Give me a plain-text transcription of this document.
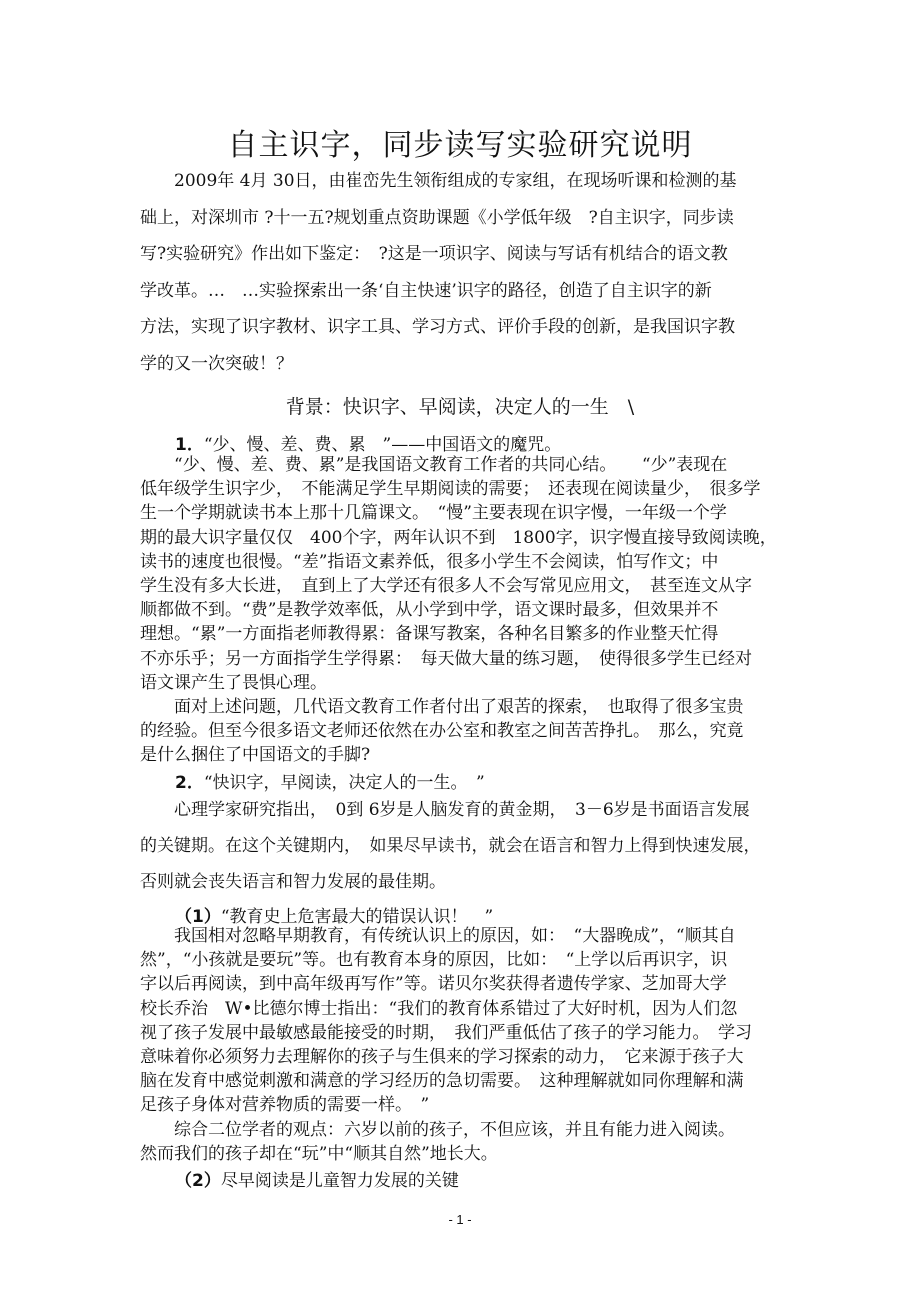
自主识字，同步读写实验研究说明

　　2009年 4月 30日，由崔峦先生领衔组成的专家组，在现场听课和检测的基

础上，对深圳市 ?十一五?规划重点资助课题《小学低年级　?自主识字，同步读

写?实验研究》作出如下鉴定：　?这是一项识字、阅读与写话有机结合的语文教

学改革。…　…实验探索出一条‘自主快速’识字的路径，创造了自主识字的新

方法，实现了识字教材、识字工具、学习方式、评价手段的创新，是我国识字教

学的又一次突破！？

背景：快识字、早阅读，决定人的一生　\
1．“少、慢、差、费、累　”——中国语文的魔咒。

　　“少、慢、差、费、累”是我国语文教育工作者的共同心结。　　“少”表现在

低年级学生识字少，　不能满足学生早期阅读的需要；　还表现在阅读量少，　很多学

生一个学期就读书本上那十几篇课文。　“慢”主要表现在识字慢，一年级一个学

期的最大识字量仅仅　400个字，两年认识不到　1800字，识字慢直接导致阅读晚，

读书的速度也很慢。“差”指语文素养低，很多小学生不会阅读，怕写作文；中

学生没有多大长进，　直到上了大学还有很多人不会写常见应用文，　甚至连文从字

顺都做不到。“费”是教学效率低，从小学到中学，语文课时最多，但效果并不

理想。“累”一方面指老师教得累：备课写教案，各种名目繁多的作业整天忙得

不亦乐乎；另一方面指学生学得累：　每天做大量的练习题，　使得很多学生已经对

语文课产生了畏惧心理。

　　面对上述问题，几代语文教育工作者付出了艰苦的探索，　也取得了很多宝贵

的经验。但至今很多语文老师还依然在办公室和教室之间苦苦挣扎。　那么，究竟

是什么捆住了中国语文的手脚?

2．“快识字，早阅读，决定人的一生。　”

　　心理学家研究指出，　0到 6岁是人脑发育的黄金期，　3－6岁是书面语言发展

的关键期。在这个关键期内，　如果尽早读书，就会在语言和智力上得到快速发展，

否则就会丧失语言和智力发展的最佳期。

（1）“教育史上危害最大的错误认识！　”

　　我国相对忽略早期教育，有传统认识上的原因，如：　“大器晚成”，“顺其自

然”，“小孩就是要玩”等。也有教育本身的原因，比如：　“上学以后再识字，识

字以后再阅读，到中高年级再写作”等。诺贝尔奖获得者遗传学家、芝加哥大学

校长乔治　W•比德尔博士指出：“我们的教育体系错过了大好时机，因为人们忽

视了孩子发展中最敏感最能接受的时期，　我们严重低估了孩子的学习能力。　学习

意味着你必须努力去理解你的孩子与生俱来的学习探索的动力，　它来源于孩子大

脑在发育中感觉刺激和满意的学习经历的急切需要。　这种理解就如同你理解和满

足孩子身体对营养物质的需要一样。　”

　　综合二位学者的观点：六岁以前的孩子，不但应该，并且有能力进入阅读。

然而我们的孩子却在“玩”中“顺其自然”地长大。

（2）尽早阅读是儿童智力发展的关键
- 1 -
